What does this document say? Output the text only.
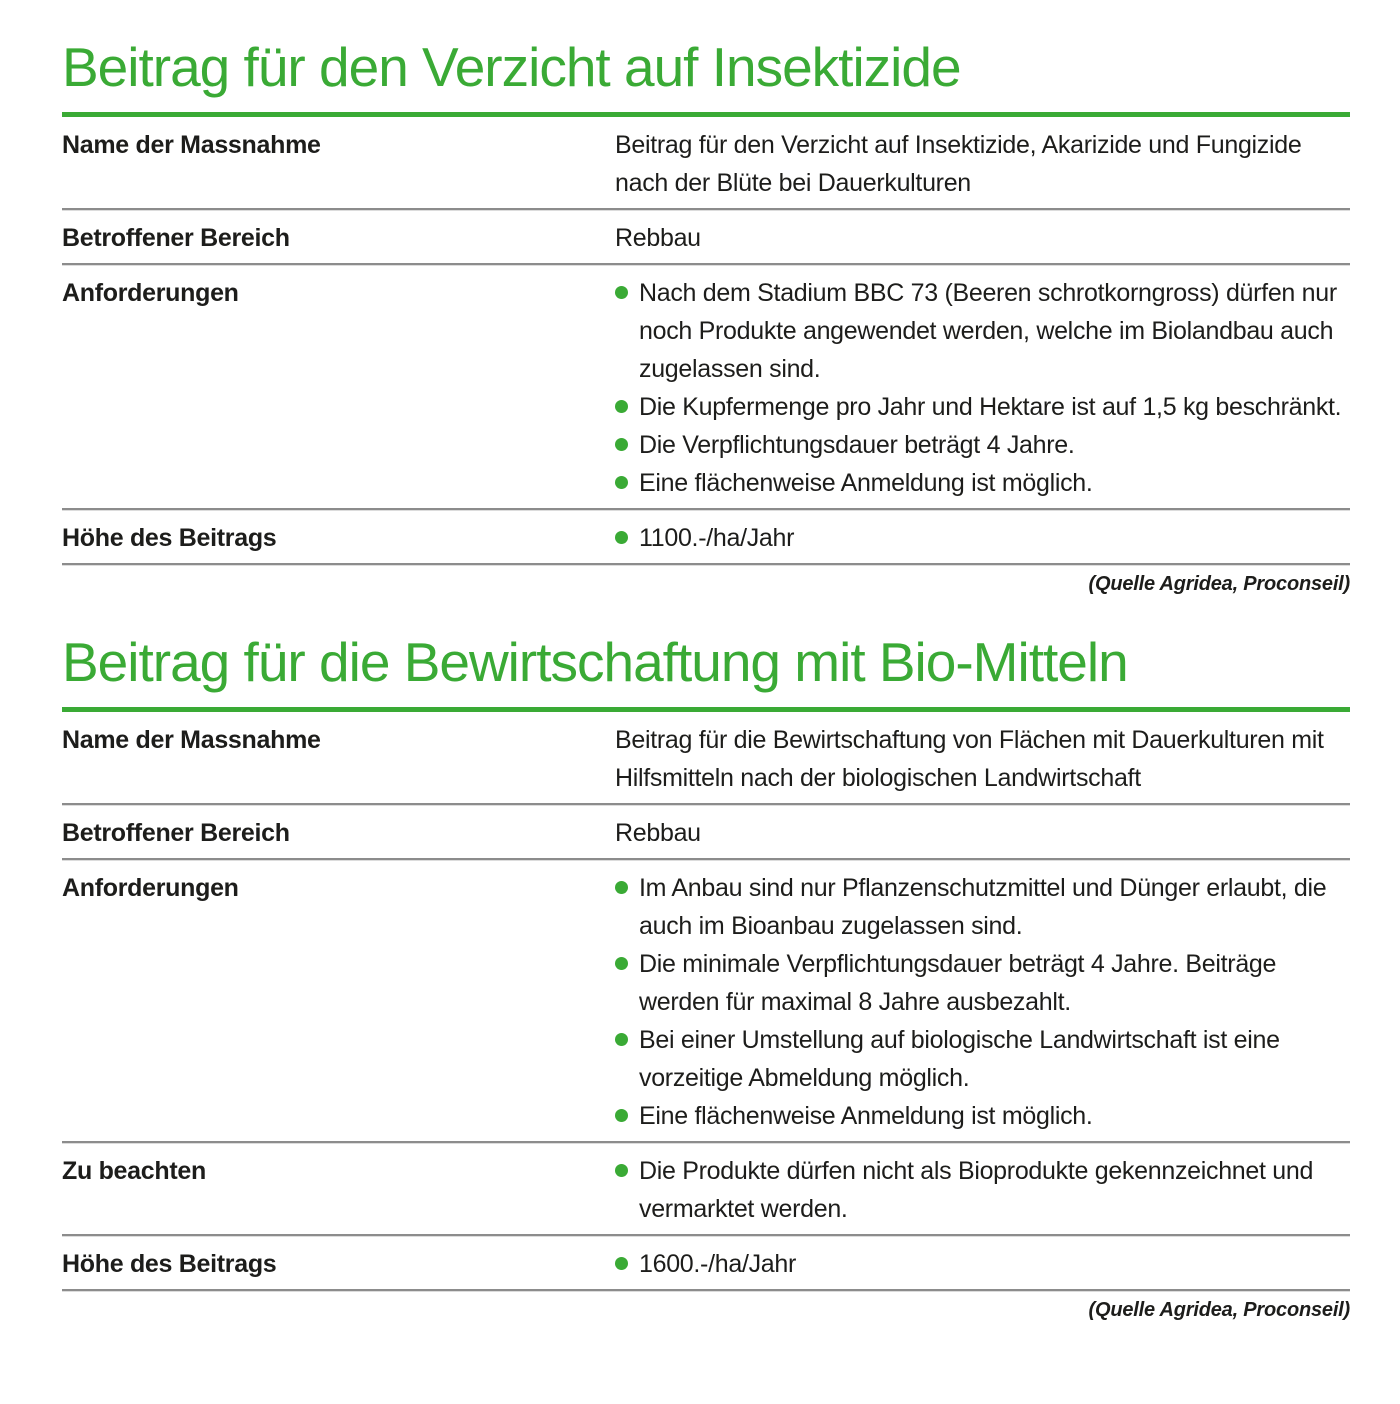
Beitrag für den Verzicht auf Insektizide
Name der Massnahme	Beitrag für den Verzicht auf Insektizide, Akarizide und Fungizide nach der Blüte bei Dauerkulturen
Betroffener Bereich	Rebbau
Anforderungen	Nach dem Stadium BBC 73 (Beeren schrotkorngross) dürfen nur noch Produkte angewendet werden, welche im Biolandbau auch zugelassen sind.
Die Kupfermenge pro Jahr und Hektare ist auf 1,5 kg beschränkt.
Die Verpflichtungsdauer beträgt 4 Jahre.
Eine flächenweise Anmeldung ist möglich.
Höhe des Beitrags	1100.-/ha/Jahr
(Quelle Agridea, Proconseil)
Beitrag für die Bewirtschaftung mit Bio-Mitteln
Name der Massnahme	Beitrag für die Bewirtschaftung von Flächen mit Dauerkulturen mit Hilfsmitteln nach der biologischen Landwirtschaft
Betroffener Bereich	Rebbau
Anforderungen	Im Anbau sind nur Pflanzenschutzmittel und Dünger erlaubt, die auch im Bioanbau zugelassen sind.
Die minimale Verpflichtungsdauer beträgt 4 Jahre. Beiträge werden für maximal 8 Jahre ausbezahlt.
Bei einer Umstellung auf biologische Landwirtschaft ist eine vorzeitige Abmeldung möglich.
Eine flächenweise Anmeldung ist möglich.
Zu beachten	Die Produkte dürfen nicht als Bioprodukte gekennzeichnet und vermarktet werden.
Höhe des Beitrags	1600.-/ha/Jahr
(Quelle Agridea, Proconseil)
